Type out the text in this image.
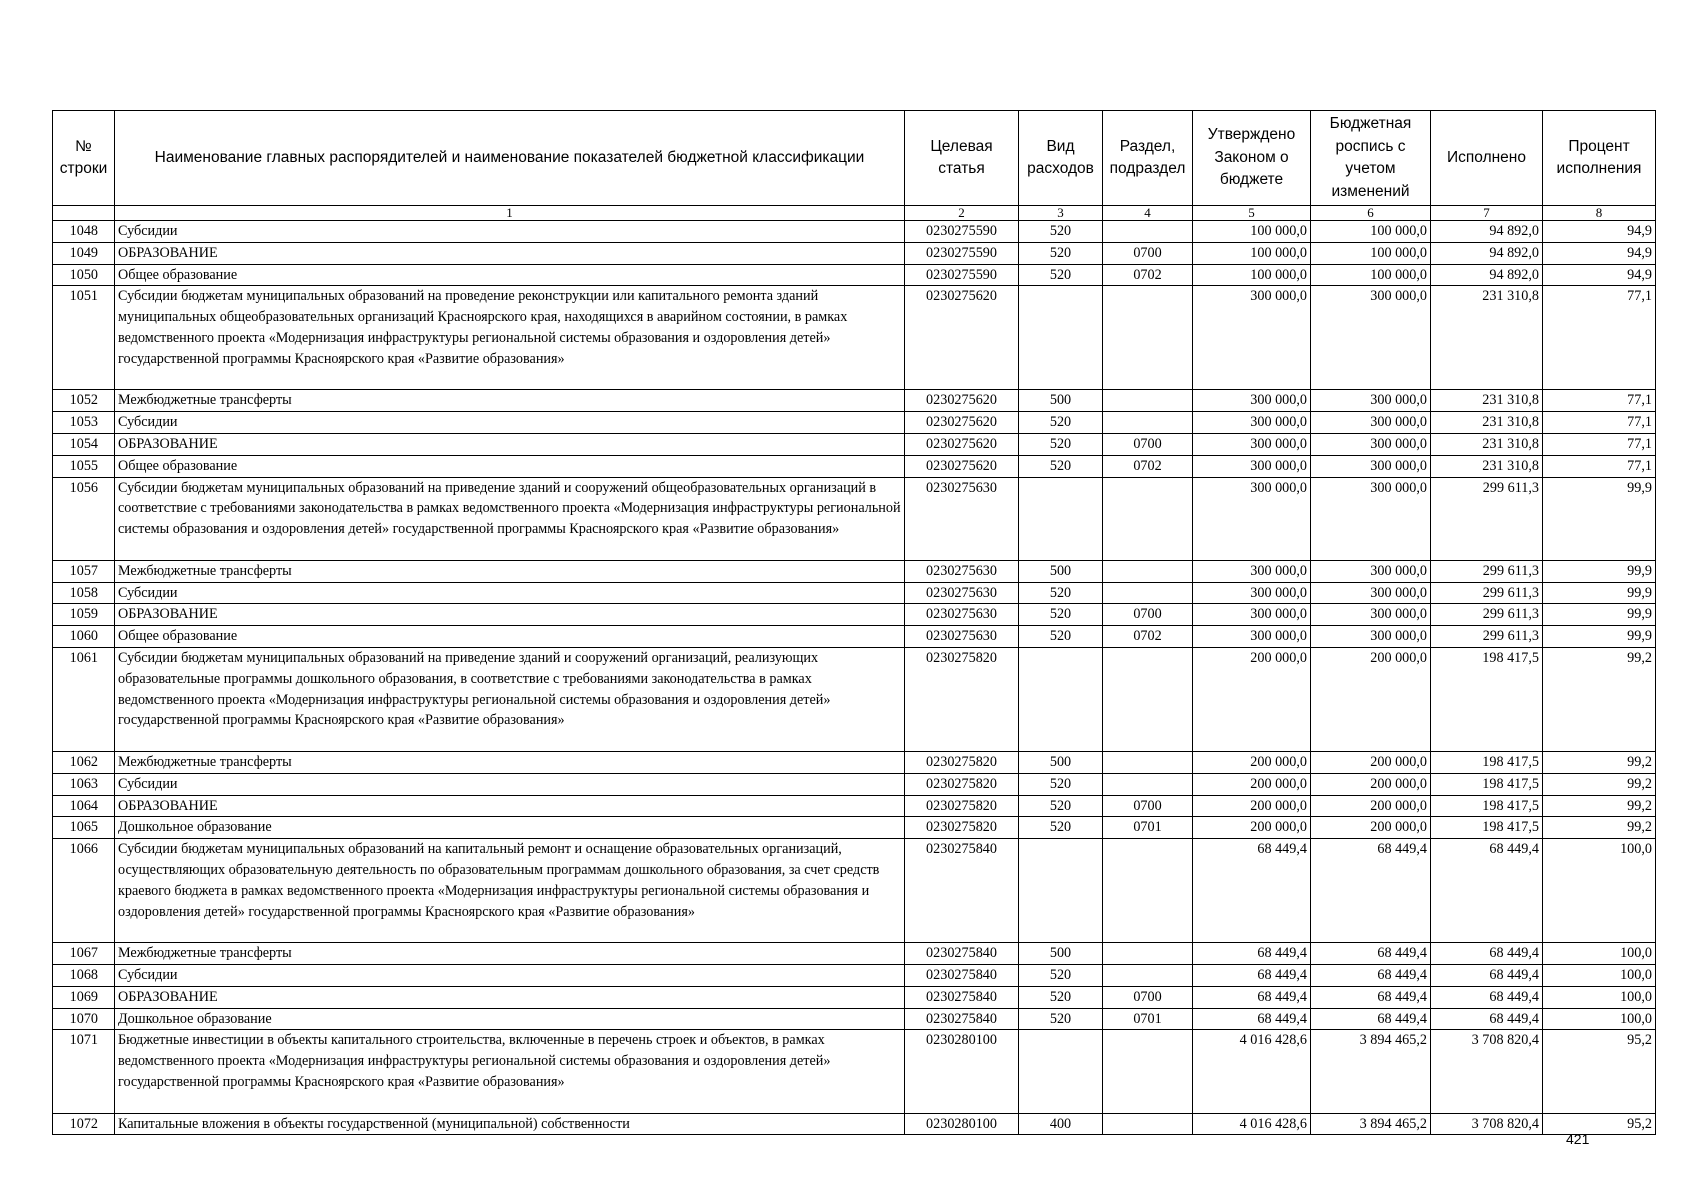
№ строки	Наименование главных распорядителей и наименование показателей бюджетной классификации	Целевая статья	Вид расходов	Раздел, подраздел	Утверждено Законом о бюджете	Бюджетная роспись с учетом изменений	Исполнено	Процент исполнения
	1	2	3	4	5	6	7	8
1048	Субсидии	0230275590	520		100 000,0	100 000,0	94 892,0	94,9
1049	ОБРАЗОВАНИЕ	0230275590	520	0700	100 000,0	100 000,0	94 892,0	94,9
1050	Общее образование	0230275590	520	0702	100 000,0	100 000,0	94 892,0	94,9
1051	Субсидии бюджетам муниципальных образований на проведение реконструкции или капитального ремонта зданий муниципальных общеобразовательных организаций Красноярского края, находящихся в аварийном состоянии, в рамках ведомственного проекта «Модернизация инфраструктуры региональной системы образования и оздоровления детей» государственной программы Красноярского края «Развитие образования»	0230275620			300 000,0	300 000,0	231 310,8	77,1
1052	Межбюджетные трансферты	0230275620	500		300 000,0	300 000,0	231 310,8	77,1
1053	Субсидии	0230275620	520		300 000,0	300 000,0	231 310,8	77,1
1054	ОБРАЗОВАНИЕ	0230275620	520	0700	300 000,0	300 000,0	231 310,8	77,1
1055	Общее образование	0230275620	520	0702	300 000,0	300 000,0	231 310,8	77,1
1056	Субсидии бюджетам муниципальных образований на приведение зданий и сооружений общеобразовательных организаций в соответствие с требованиями законодательства в рамках ведомственного проекта «Модернизация инфраструктуры региональной системы образования и оздоровления детей» государственной программы Красноярского края «Развитие образования»	0230275630			300 000,0	300 000,0	299 611,3	99,9
1057	Межбюджетные трансферты	0230275630	500		300 000,0	300 000,0	299 611,3	99,9
1058	Субсидии	0230275630	520		300 000,0	300 000,0	299 611,3	99,9
1059	ОБРАЗОВАНИЕ	0230275630	520	0700	300 000,0	300 000,0	299 611,3	99,9
1060	Общее образование	0230275630	520	0702	300 000,0	300 000,0	299 611,3	99,9
1061	Субсидии бюджетам муниципальных образований на приведение зданий и сооружений организаций, реализующих образовательные программы дошкольного образования, в соответствие с требованиями законодательства в рамках ведомственного проекта «Модернизация инфраструктуры региональной системы образования и оздоровления детей» государственной программы Красноярского края «Развитие образования»	0230275820			200 000,0	200 000,0	198 417,5	99,2
1062	Межбюджетные трансферты	0230275820	500		200 000,0	200 000,0	198 417,5	99,2
1063	Субсидии	0230275820	520		200 000,0	200 000,0	198 417,5	99,2
1064	ОБРАЗОВАНИЕ	0230275820	520	0700	200 000,0	200 000,0	198 417,5	99,2
1065	Дошкольное образование	0230275820	520	0701	200 000,0	200 000,0	198 417,5	99,2
1066	Субсидии бюджетам муниципальных образований на капитальный ремонт и оснащение образовательных организаций, осуществляющих образовательную деятельность по образовательным программам дошкольного образования, за счет средств краевого бюджета в рамках ведомственного проекта «Модернизация инфраструктуры региональной системы образования и оздоровления детей» государственной программы Красноярского края «Развитие образования»	0230275840			68 449,4	68 449,4	68 449,4	100,0
1067	Межбюджетные трансферты	0230275840	500		68 449,4	68 449,4	68 449,4	100,0
1068	Субсидии	0230275840	520		68 449,4	68 449,4	68 449,4	100,0
1069	ОБРАЗОВАНИЕ	0230275840	520	0700	68 449,4	68 449,4	68 449,4	100,0
1070	Дошкольное образование	0230275840	520	0701	68 449,4	68 449,4	68 449,4	100,0
1071	Бюджетные инвестиции в объекты капитального строительства, включенные в перечень строек и объектов, в рамках ведомственного проекта «Модернизация инфраструктуры региональной системы образования и оздоровления детей» государственной программы Красноярского края «Развитие образования»	0230280100			4 016 428,6	3 894 465,2	3 708 820,4	95,2
1072	Капитальные вложения в объекты государственной (муниципальной) собственности	0230280100	400		4 016 428,6	3 894 465,2	3 708 820,4	95,2
421
